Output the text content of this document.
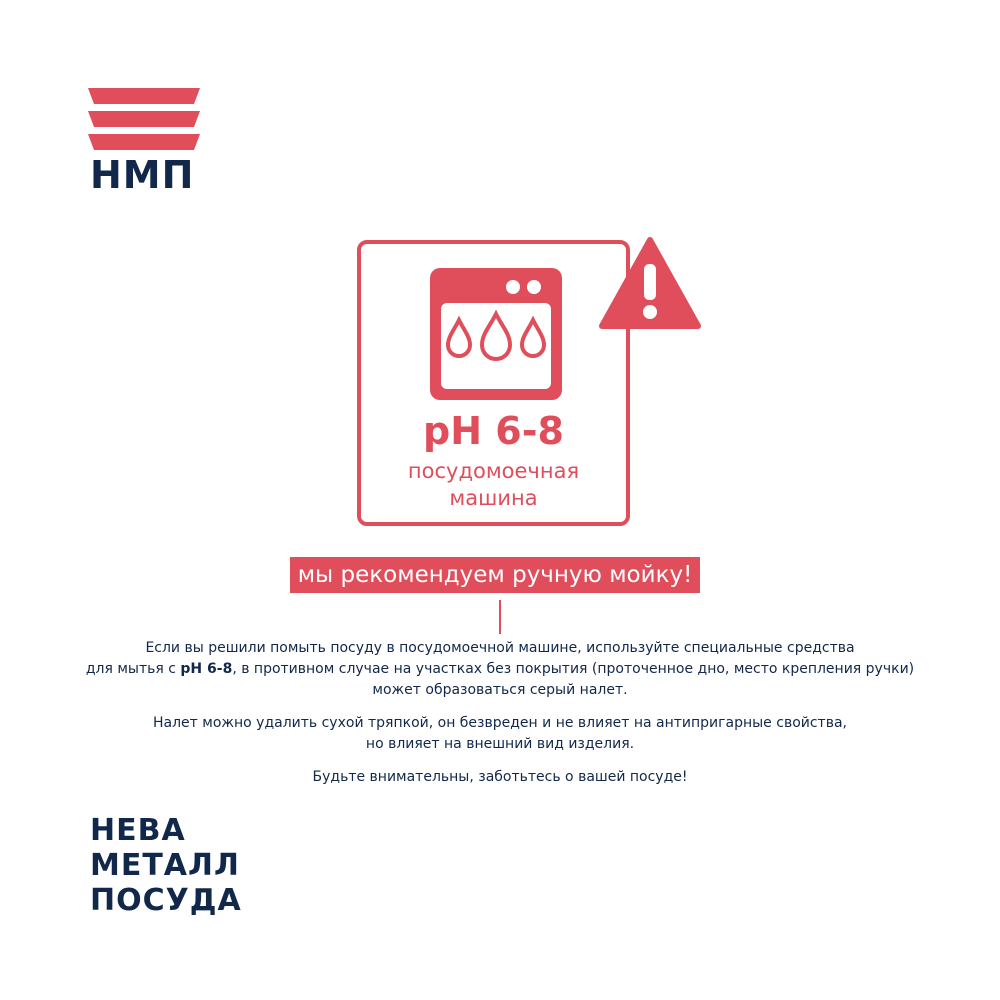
НМП
pH 6-8
посудомоечная
машина
мы рекомендуем ручную мойку!

Если вы решили помыть посуду в посудомоечной машине, используйте специальные средства
для мытья с pH 6-8, в противном случае на участках без покрытия (проточенное дно, место крепления ручки)
может образоваться серый налет.

Налет можно удалить сухой тряпкой, он безвреден и не влияет на антипригарные свойства,
но влияет на внешний вид изделия.

Будьте внимательны, заботьтесь о вашей посуде!

НЕВА
МЕТАЛЛ
ПОСУДА
